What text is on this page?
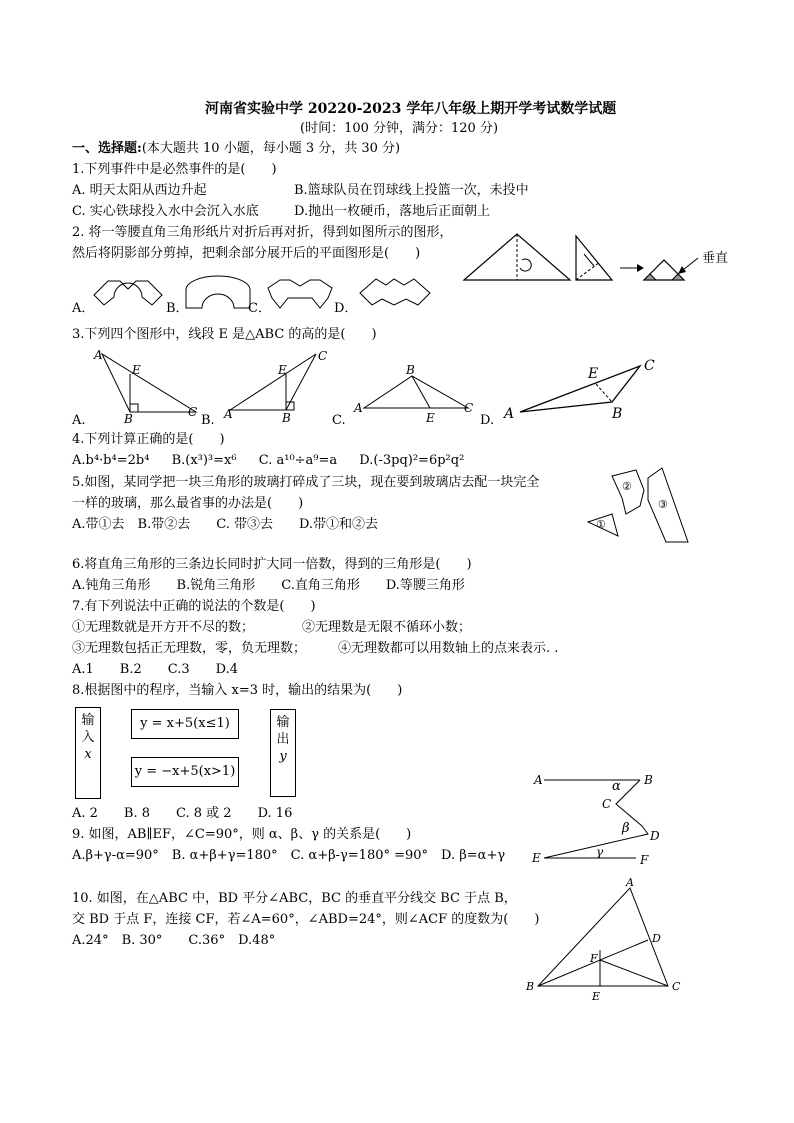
河南省实验中学 20220-2023 学年八年级上期开学考试数学试题
(时间：100 分钟，满分：120 分)
一、选择题:(本大题共 10 小题，每小题 3 分，共 30 分)
1.下列事件中是必然事件的是(　　)
A. 明天太阳从西边升起	B.篮球队员在罚球线上投篮一次，未投中
C. 实心铁球投入水中会沉入水底	D.抛出一枚硬币，落地后正面朝上
2. 将一等腰直角三角形纸片对折后再对折，得到如图所示的图形，
然后将阴影部分剪掉，把剩余部分展开后的平面图形是(　　)	垂直
A．	B．	C．	D．
3.下列四个图形中，线段 E 是△ABC 的高的是(　　)
A
E
B	C
A.
C
E
A	B
B.
B
A	C
E
C.
E	C
B
A
D.
4.下列计算正确的是(　　)
A.b⁴·b⁴=2b⁴ B.(x³)³=x⁶ C. a¹⁰÷a⁹=a D.(-3pq)²=6p²q²
5.如图，某同学把一块三角形的玻璃打碎成了三块，现在要到玻璃店去配一块完全
一样的玻璃，那么最省事的办法是(　　)
A.带①去　B.带②去　　C. 带③去　　D.带①和②去	①
②
③
6.将直角三角形的三条边长同时扩大同一倍数，得到的三角形是(　　)
A.钝角三角形　　B.锐角三角形　　C.直角三角形　　D.等腰三角形
7.有下列说法中正确的说法的个数是(　　)
①无理数就是开方开不尽的数；	②无理数是无限不循环小数；
③无理数包括正无理数，零，负无理数； ④无理数都可以用数轴上的点来表示. .
A.1　　B.2　　C.3　　D.4
8.根据图中的程序，当输入 x=3 时，输出的结果为(　　)
输
入
x
y = x+5(x≤1)
y = −x+5(x>1)
输
出
y
A. 2　　B. 8　　C. 8 或 2　　D. 16
9. 如图，AB∥EF，∠C=90°，则 α、β、γ 的关系是(　　)
A.β+γ-α=90°　B. α+β+γ=180°　C. α+β-γ=180° =90°　D. β=α+γ
A	B
C
D
E	F
α
β
γ
10. 如图，在△ABC 中，BD 平分∠ABC，BC 的垂直平分线交 BC 于点 B，
交 BD 于点 F，连接 CF，若∠A=60°，∠ABD=24°，则∠ACF 的度数为(　　)
A.24°　B. 30°　　C.36°　D.48°
A
B	C
D
E
F
